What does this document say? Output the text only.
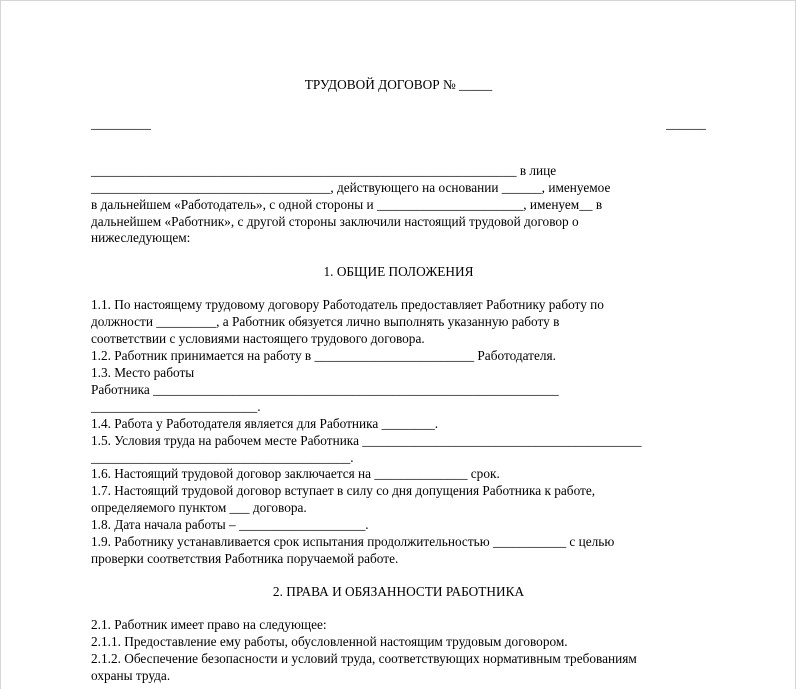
ТРУДОВОЙ ДОГОВОР № _____
_________	______
________________________________________________________________ в лице
____________________________________, действующего на основании ______, именуемое
в дальнейшем «Работодатель», с одной стороны и ______________________, именуем__ в
дальнейшем «Работник», с другой стороны заключили настоящий трудовой договор о
нижеследующем:
1. ОБЩИЕ ПОЛОЖЕНИЯ
1.1. По настоящему трудовому договору Работодатель предоставляет Работнику работу по
должности _________, а Работник обязуется лично выполнять указанную работу в
соответствии с условиями настоящего трудового договора.
1.2. Работник принимается на работу в ________________________ Работодателя.
1.3. Место работы
Работника _____________________________________________________________
_________________________.
1.4. Работа у Работодателя является для Работника ________.
1.5. Условия труда на рабочем месте Работника __________________________________________
_______________________________________.
1.6. Настоящий трудовой договор заключается на ______________ срок.
1.7. Настоящий трудовой договор вступает в силу со дня допущения Работника к работе,
определяемого пунктом ___ договора.
1.8. Дата начала работы – ___________________.
1.9. Работнику устанавливается срок испытания продолжительностью ___________ с целью
проверки соответствия Работника поручаемой работе.
2. ПРАВА И ОБЯЗАННОСТИ РАБОТНИКА
2.1. Работник имеет право на следующее:
2.1.1. Предоставление ему работы, обусловленной настоящим трудовым договором.
2.1.2. Обеспечение безопасности и условий труда, соответствующих нормативным требованиям
охраны труда.
